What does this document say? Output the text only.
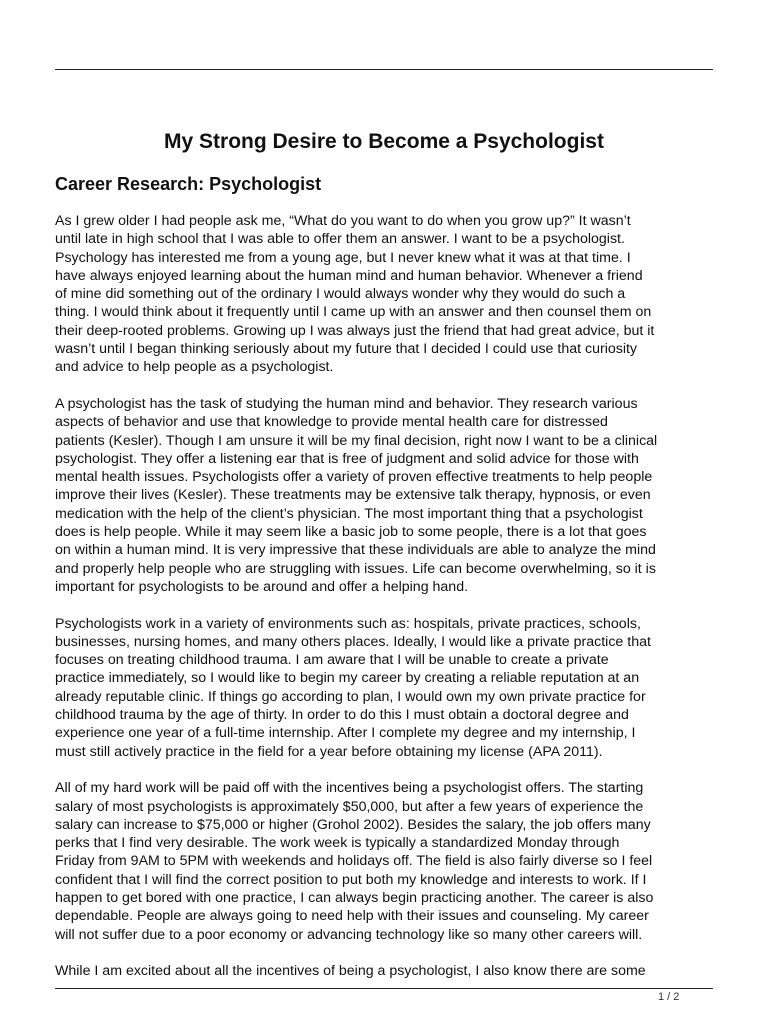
My Strong Desire to Become a Psychologist
Career Research: Psychologist

As I grew older I had people ask me, “What do you want to do when you grow up?” It wasn’t
until late in high school that I was able to offer them an answer. I want to be a psychologist.
Psychology has interested me from a young age, but I never knew what it was at that time. I
have always enjoyed learning about the human mind and human behavior. Whenever a friend
of mine did something out of the ordinary I would always wonder why they would do such a
thing. I would think about it frequently until I came up with an answer and then counsel them on
their deep-rooted problems. Growing up I was always just the friend that had great advice, but it
wasn’t until I began thinking seriously about my future that I decided I could use that curiosity
and advice to help people as a psychologist.

A psychologist has the task of studying the human mind and behavior. They research various
aspects of behavior and use that knowledge to provide mental health care for distressed
patients (Kesler). Though I am unsure it will be my final decision, right now I want to be a clinical
psychologist. They offer a listening ear that is free of judgment and solid advice for those with
mental health issues. Psychologists offer a variety of proven effective treatments to help people
improve their lives (Kesler). These treatments may be extensive talk therapy, hypnosis, or even
medication with the help of the client’s physician. The most important thing that a psychologist
does is help people. While it may seem like a basic job to some people, there is a lot that goes
on within a human mind. It is very impressive that these individuals are able to analyze the mind
and properly help people who are struggling with issues. Life can become overwhelming, so it is
important for psychologists to be around and offer a helping hand.

Psychologists work in a variety of environments such as: hospitals, private practices, schools,
businesses, nursing homes, and many others places. Ideally, I would like a private practice that
focuses on treating childhood trauma. I am aware that I will be unable to create a private
practice immediately, so I would like to begin my career by creating a reliable reputation at an
already reputable clinic. If things go according to plan, I would own my own private practice for
childhood trauma by the age of thirty. In order to do this I must obtain a doctoral degree and
experience one year of a full-time internship. After I complete my degree and my internship, I
must still actively practice in the field for a year before obtaining my license (APA 2011).

All of my hard work will be paid off with the incentives being a psychologist offers. The starting
salary of most psychologists is approximately $50,000, but after a few years of experience the
salary can increase to $75,000 or higher (Grohol 2002). Besides the salary, the job offers many
perks that I find very desirable. The work week is typically a standardized Monday through
Friday from 9AM to 5PM with weekends and holidays off. The field is also fairly diverse so I feel
confident that I will find the correct position to put both my knowledge and interests to work. If I
happen to get bored with one practice, I can always begin practicing another. The career is also
dependable. People are always going to need help with their issues and counseling. My career
will not suffer due to a poor economy or advancing technology like so many other careers will.

While I am excited about all the incentives of being a psychologist, I also know there are some

1 / 2
